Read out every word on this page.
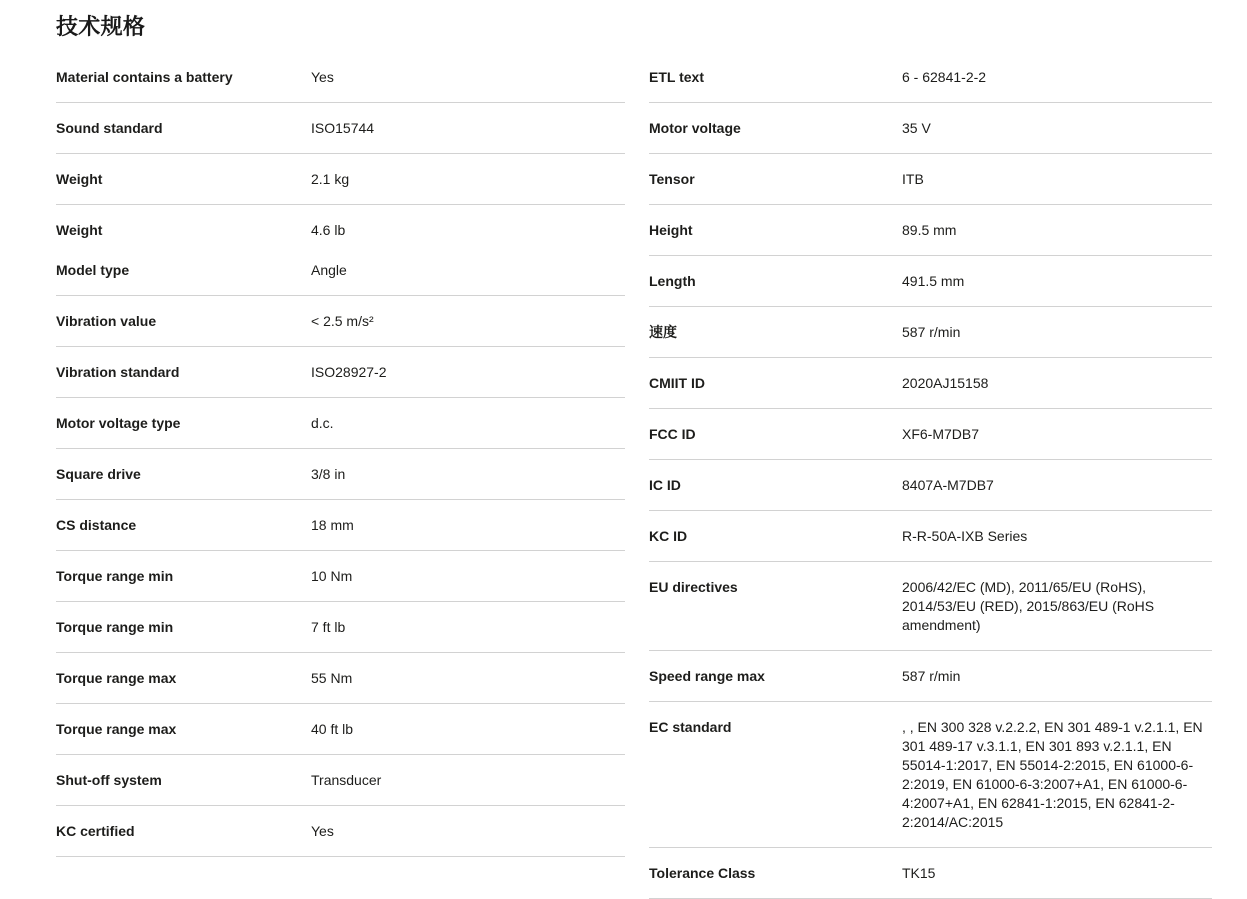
技术规格
Material contains a battery	Yes
Sound standard	ISO15744
Weight	2.1 kg
Weight	4.6 lb
Model type	Angle
Vibration value	< 2.5 m/s²
Vibration standard	ISO28927-2
Motor voltage type	d.c.
Square drive	3/8 in
CS distance	18 mm
Torque range min	10 Nm
Torque range min	7 ft lb
Torque range max	55 Nm
Torque range max	40 ft lb
Shut-off system	Transducer
KC certified	Yes
ETL text	6 - 62841-2-2
Motor voltage	35 V
Tensor	ITB
Height	89.5 mm
Length	491.5 mm
速度	587 r/min
CMIIT ID	2020AJ15158
FCC ID	XF6-M7DB7
IC ID	8407A-M7DB7
KC ID	R-R-50A-IXB Series
EU directives	2006/42/EC (MD), 2011/65/EU (RoHS), 2014/53/EU (RED), 2015/863/EU (RoHS amendment)
Speed range max	587 r/min
EC standard	, , EN 300 328 v.2.2.2, EN 301 489-1 v.2.1.1, EN 301 489-17 v.3.1.1, EN 301 893 v.2.1.1, EN 55014-1:2017, EN 55014-2:2015, EN 61000-6-2:2019, EN 61000-6-3:2007+A1, EN 61000-6-4:2007+A1, EN 62841-1:2015, EN 62841-2-2:2014/AC:2015
Tolerance Class	TK15
